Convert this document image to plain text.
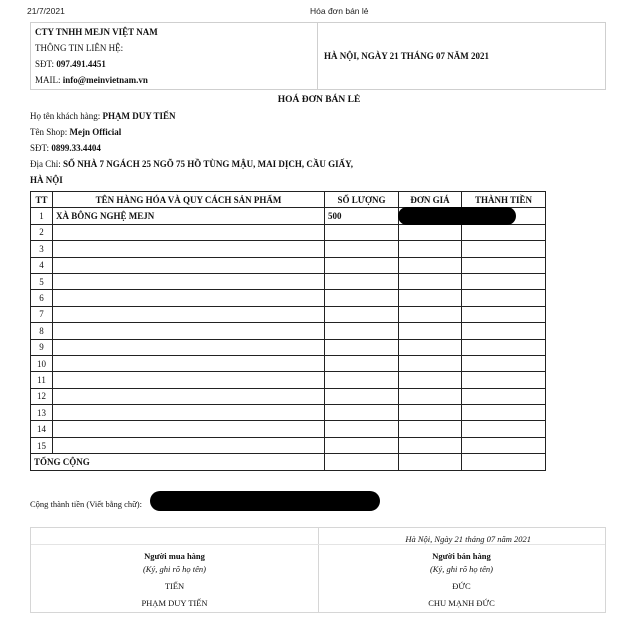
21/7/2021	Hóa đơn bán lẻ
CTY TNHH MEJN VIỆT NAM
THÔNG TIN LIÊN HỆ:
SĐT: 097.491.4451
MAIL: info@meinvietnam.vn
HÀ NỘI, NGÀY 21 THÁNG 07 NĂM 2021
HOÁ ĐƠN BÁN LẺ
Họ tên khách hàng: PHẠM DUY TIẾN
Tên Shop: Mejn Official
SĐT: 0899.33.4404
Địa Chỉ: SỐ NHÀ 7 NGÁCH 25 NGÕ 75 HỒ TÙNG MẬU, MAI DỊCH, CẦU GIẤY,
HÀ NỘI
TT	TÊN HÀNG HÓA VÀ QUY CÁCH SẢN PHẨM	SỐ LƯỢNG	ĐƠN GIÁ	THÀNH TIỀN
1	XÀ BÔNG NGHỆ MEJN	500		
2				
3				
4				
5				
6				
7				
8				
9				
10				
11				
12				
13				
14				
15				
TỔNG CỘNG				
Cộng thành tiền (Viết bằng chữ):
Hà Nội, Ngày 21 tháng 07 năm 2021
Người mua hàng
(Ký, ghi rõ họ tên)
TIẾN
PHẠM DUY TIẾN
Người bán hàng
(Ký, ghi rõ họ tên)
ĐỨC
CHU MẠNH ĐỨC
